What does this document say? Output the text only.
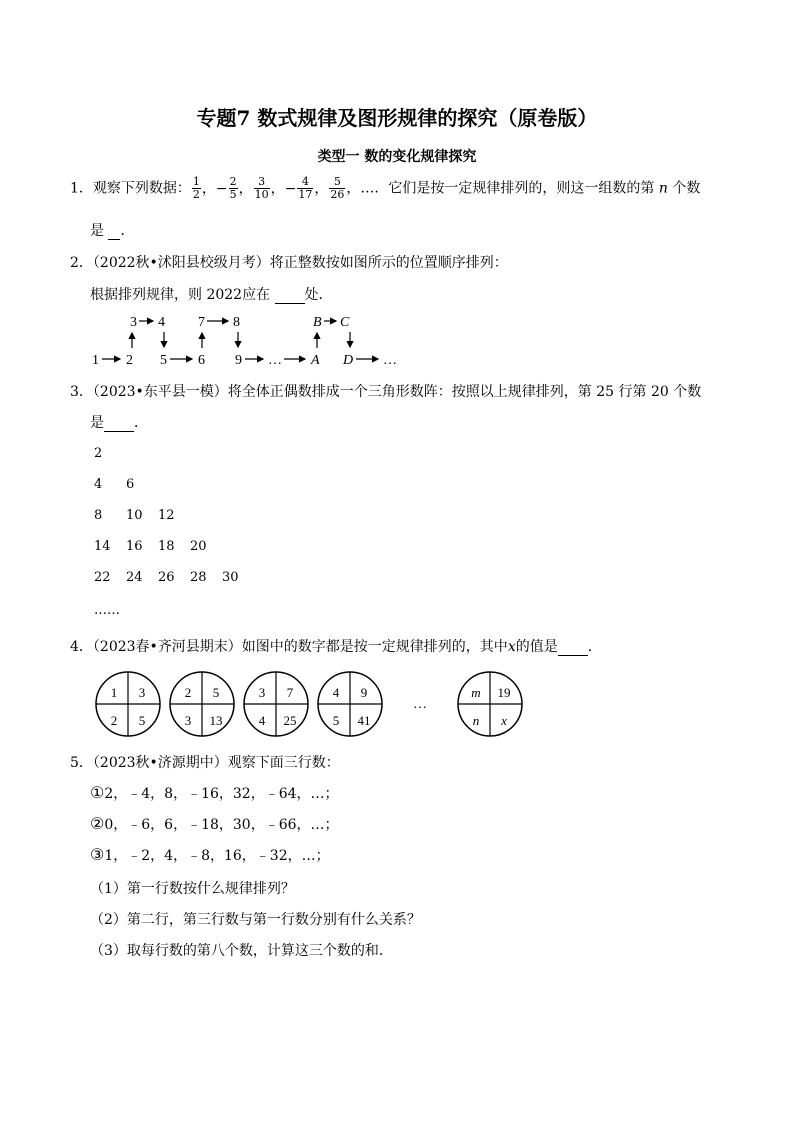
专题7 数式规律及图形规律的探究（原卷版）
类型一 数的变化规律探究
1．观察下列数据： $\frac{1}{2}$ ，− $\frac{2}{5}$ ， $\frac{3}{10}$ ，− $\frac{4}{17}$ ， $\frac{5}{26}$ ，…．它们是按一定规律排列的，则这一组数的第 n 个数
是 ．
2．（2022秋•沭阳县校级月考）将正整数按如图所示的位置顺序排列：
根据排列规律，则 2022应在 处．
3 4 7 8	B C
1 2 5 6 9 … A D …
3．（2023•东平县一模）将全体正偶数排成一个三角形数阵：按照以上规律排列，第 25 行第 20 个数
是 ．
2
4 6
8 10 12
14 16 18 20
22 24 26 28 30
……
4．（2023春•齐河县期末）如图中的数字都是按一定规律排列的，其中x的值是 ．
1 3
2 5
2 5
3 13
3 7
4 25
4 9
5 41
…
m 19
n x
5．（2023秋•济源期中）观察下面三行数：
①2，﹣4，8，﹣16，32，﹣64，…；
②0，﹣6，6，﹣18，30，﹣66，…；
③1，﹣2，4，﹣8，16，﹣32，…；
（1）第一行数按什么规律排列？
（2）第二行，第三行数与第一行数分别有什么关系？
（3）取每行数的第八个数，计算这三个数的和．
